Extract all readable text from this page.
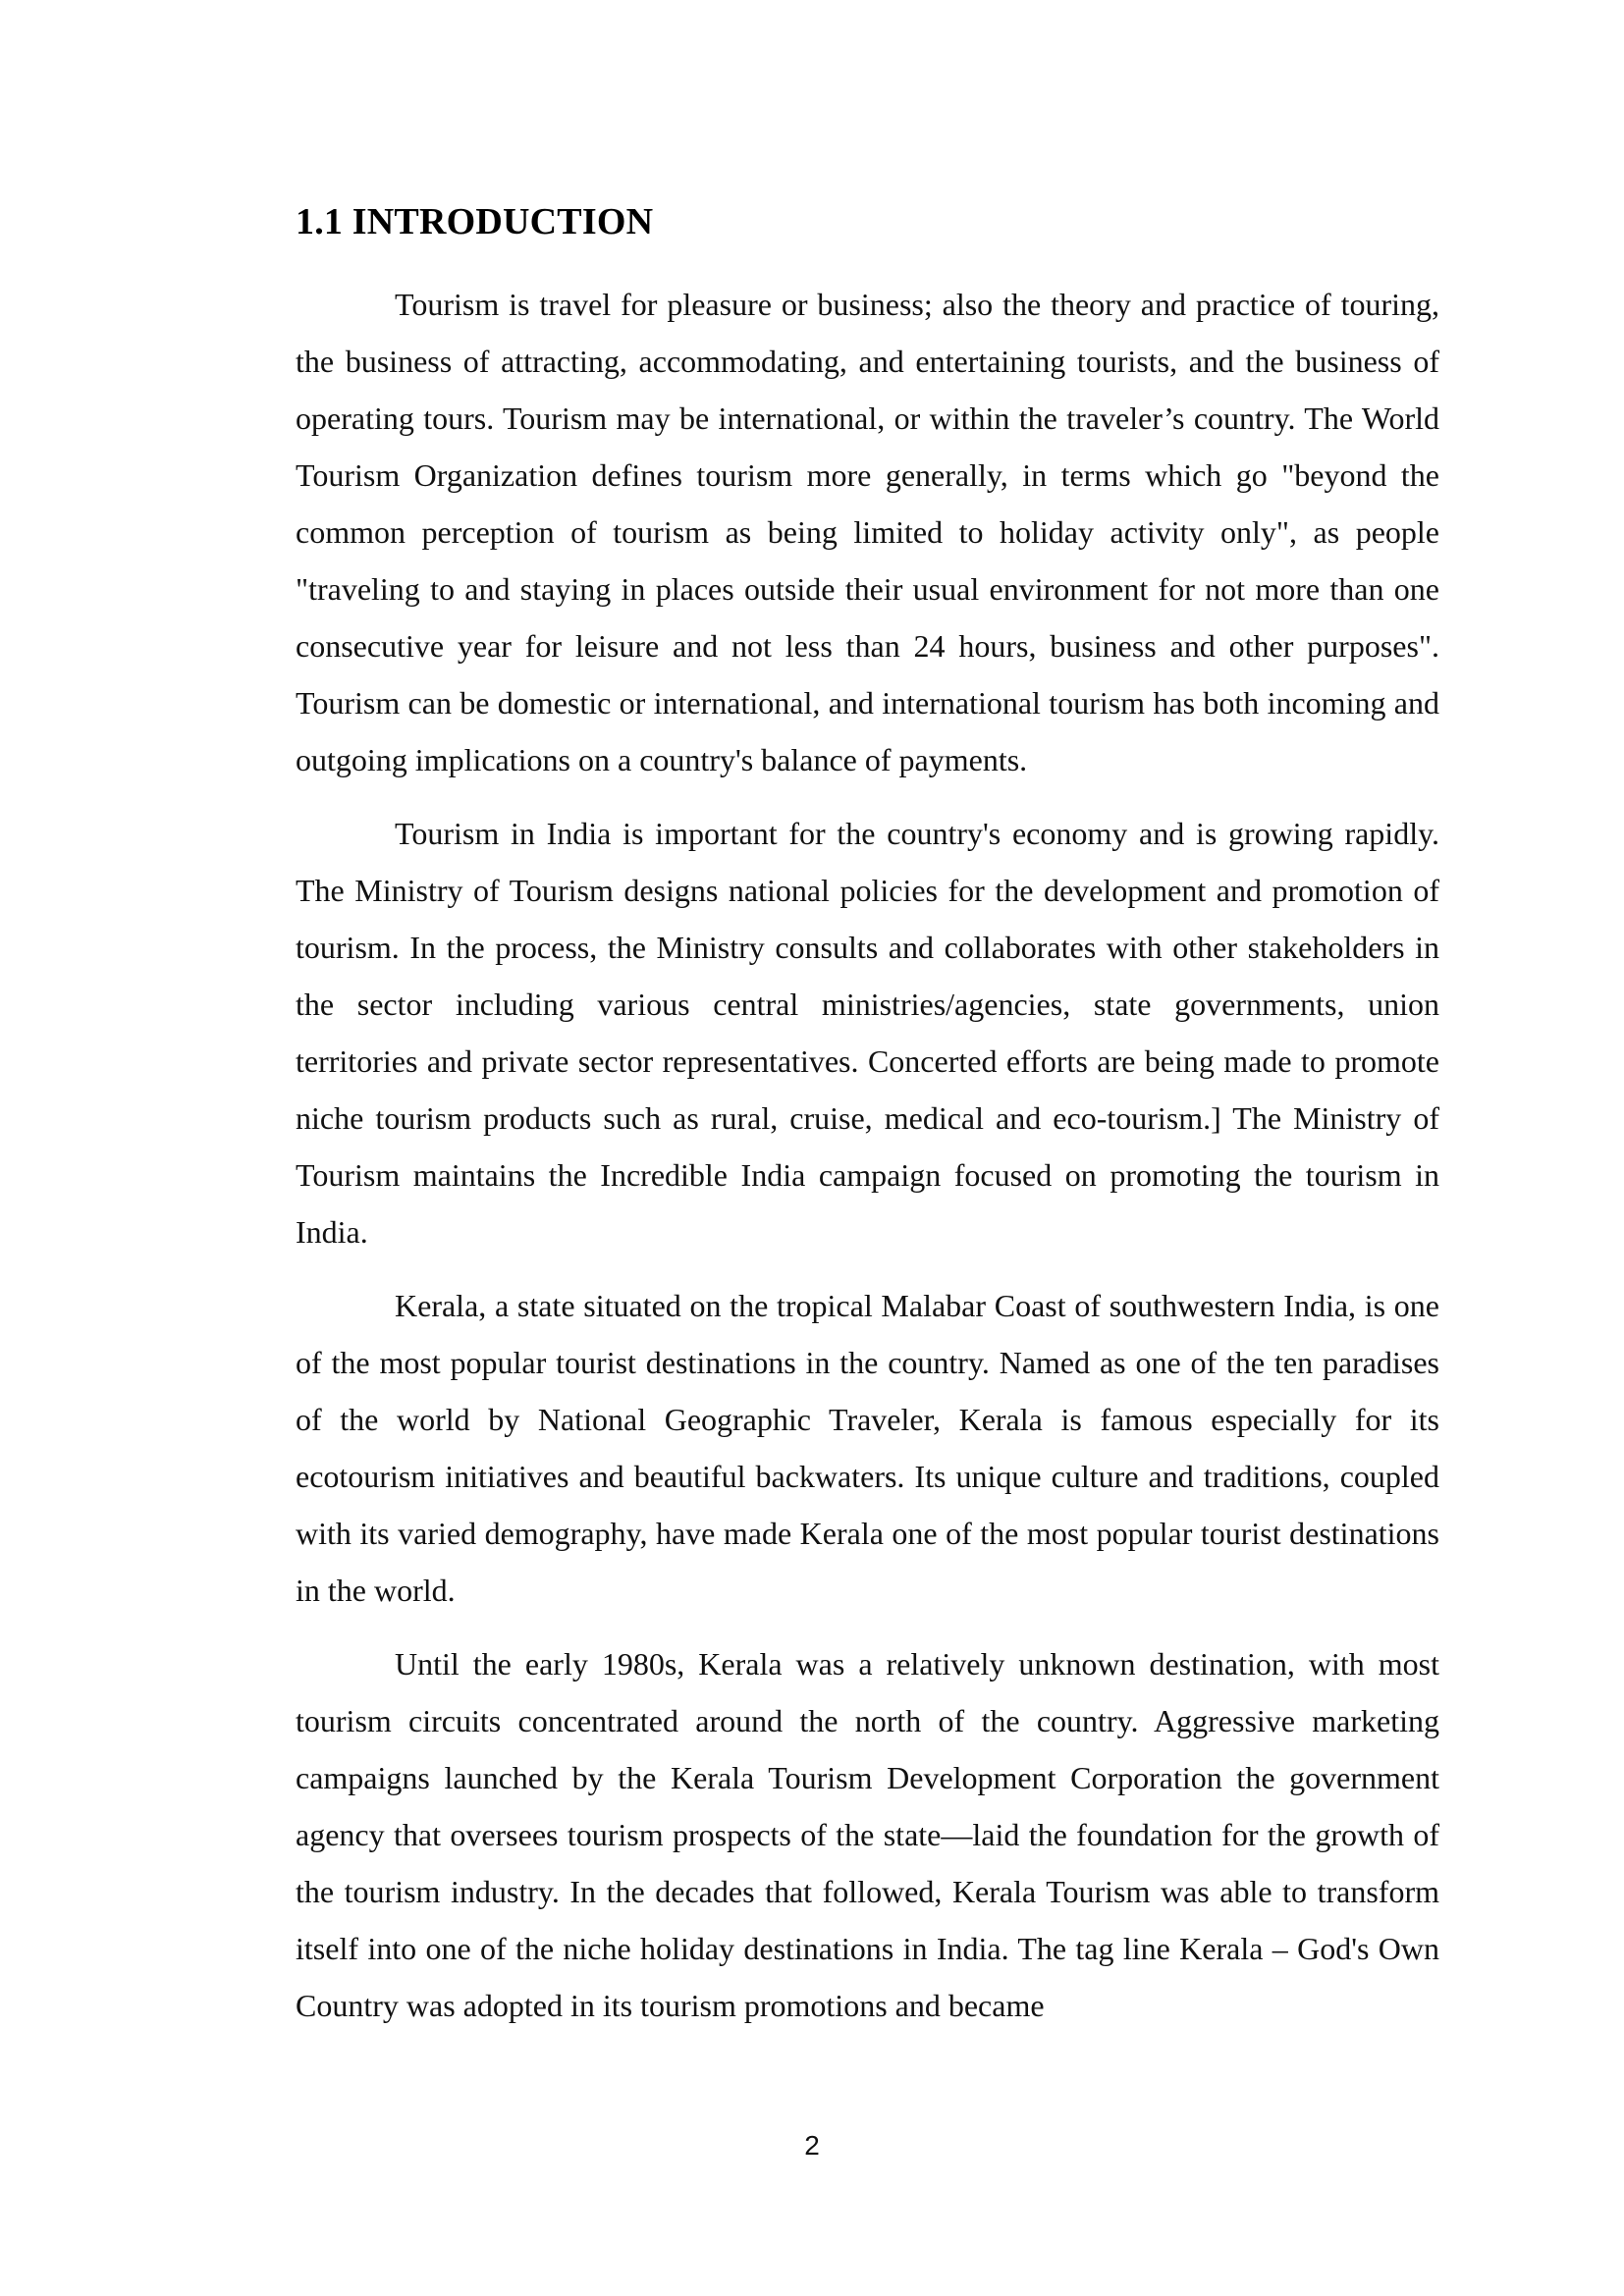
1.1 INTRODUCTION

Tourism is travel for pleasure or business; also the theory and practice of touring, the business of attracting, accommodating, and entertaining tourists, and the business of operating tours. Tourism may be international, or within the traveler’s country. The World Tourism Organization defines tourism more generally, in terms which go "beyond the common perception of tourism as being limited to holiday activity only", as people "traveling to and staying in places outside their usual environment for not more than one consecutive year for leisure and not less than 24 hours, business and other purposes". Tourism can be domestic or international, and international tourism has both incoming and outgoing implications on a country's balance of payments.

Tourism in India is important for the country's economy and is growing rapidly. The Ministry of Tourism designs national policies for the development and promotion of tourism. In the process, the Ministry consults and collaborates with other stakeholders in the sector including various central ministries/agencies, state governments, union territories and private sector representatives. Concerted efforts are being made to promote niche tourism products such as rural, cruise, medical and eco-tourism.] The Ministry of Tourism maintains the Incredible India campaign focused on promoting the tourism in India.

Kerala, a state situated on the tropical Malabar Coast of southwestern India, is one of the most popular tourist destinations in the country. Named as one of the ten paradises of the world by National Geographic Traveler, Kerala is famous especially for its ecotourism initiatives and beautiful backwaters. Its unique culture and traditions, coupled with its varied demography, have made Kerala one of the most popular tourist destinations in the world.

Until the early 1980s, Kerala was a relatively unknown destination, with most tourism circuits concentrated around the north of the country. Aggressive marketing campaigns launched by the Kerala Tourism Development Corporation the government agency that oversees tourism prospects of the state—laid the foundation for the growth of the tourism industry. In the decades that followed, Kerala Tourism was able to transform itself into one of the niche holiday destinations in India. The tag line Kerala – God's Own Country was adopted in its tourism promotions and became

2
